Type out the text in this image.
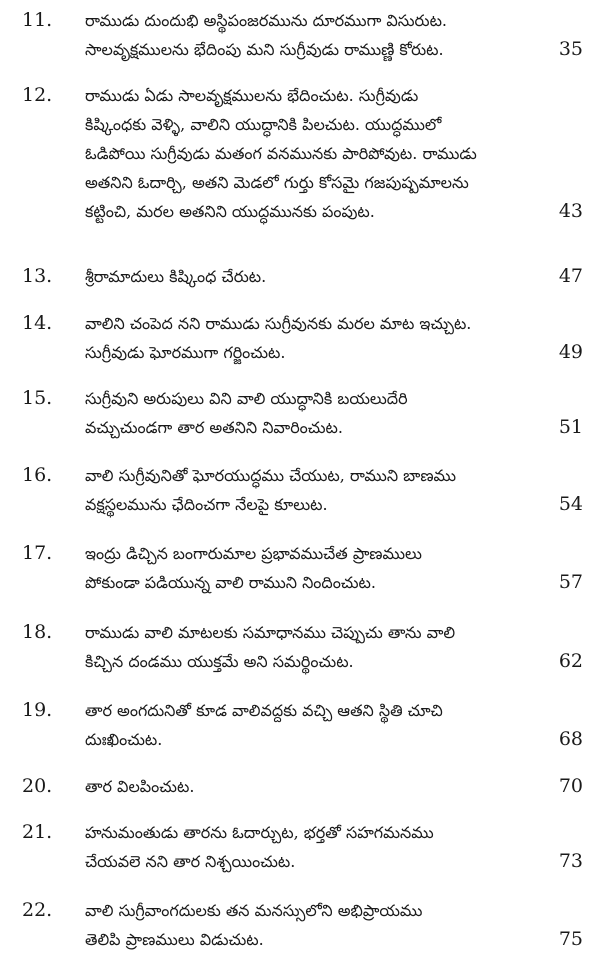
11.	రాముడు దుందుభి అస్థిపంజరమును దూరముగా విసురుట.
సాలవృక్షములను భేదింపు మని సుగ్రీవుడు రాముణ్ణి కోరుట.	35
12.	రాముడు ఏడు సాలవృక్షములను భేదించుట. సుగ్రీవుడు
కిష్కింధకు వెళ్ళి, వాలిని యుద్ధానికి పిలచుట. యుద్ధములో
ఓడిపోయి సుగ్రీవుడు మతంగ వనమునకు పారిపోవుట. రాముడు
అతనిని ఓదార్చి, అతని మెడలో గుర్తు కోసమై గజపుష్పమాలను
కట్టించి, మరల అతనిని యుద్ధమునకు పంపుట.	43
13.	శ్రీరామాదులు కిష్కింధ చేరుట.	47
14.	వాలిని చంపెద నని రాముడు సుగ్రీవునకు మరల మాట ఇచ్చుట.
సుగ్రీవుడు ఘోరముగా గర్జించుట.	49
15.	సుగ్రీవుని అరుపులు విని వాలి యుద్ధానికి బయలుదేరి
వచ్చుచుండగా తార అతనిని నివారించుట.	51
16.	వాలి సుగ్రీవునితో ఘోరయుద్ధము చేయుట, రాముని బాణము
వక్షస్థలమును ఛేదించగా నేలపై కూలుట.	54
17.	ఇంద్రు డిచ్చిన బంగారుమాల ప్రభావముచేత ప్రాణములు
పోకుండా పడియున్న వాలి రాముని నిందించుట.	57
18.	రాముడు వాలి మాటలకు సమాధానము చెప్పుచు తాను వాలి
కిచ్చిన దండము యుక్తమే అని సమర్థించుట.	62
19.	తార అంగదునితో కూడ వాలివద్దకు వచ్చి ఆతని స్థితి చూచి
దుఃఖించుట.	68
20.	తార విలపించుట.	70
21.	హనుమంతుడు తారను ఓదార్చుట, భర్తతో సహగమనము
చేయవలె నని తార నిశ్చయించుట.	73
22.	వాలి సుగ్రీవాంగదులకు తన మనస్సులోని అభిప్రాయము
తెలిపి ప్రాణములు విడుచుట.	75
